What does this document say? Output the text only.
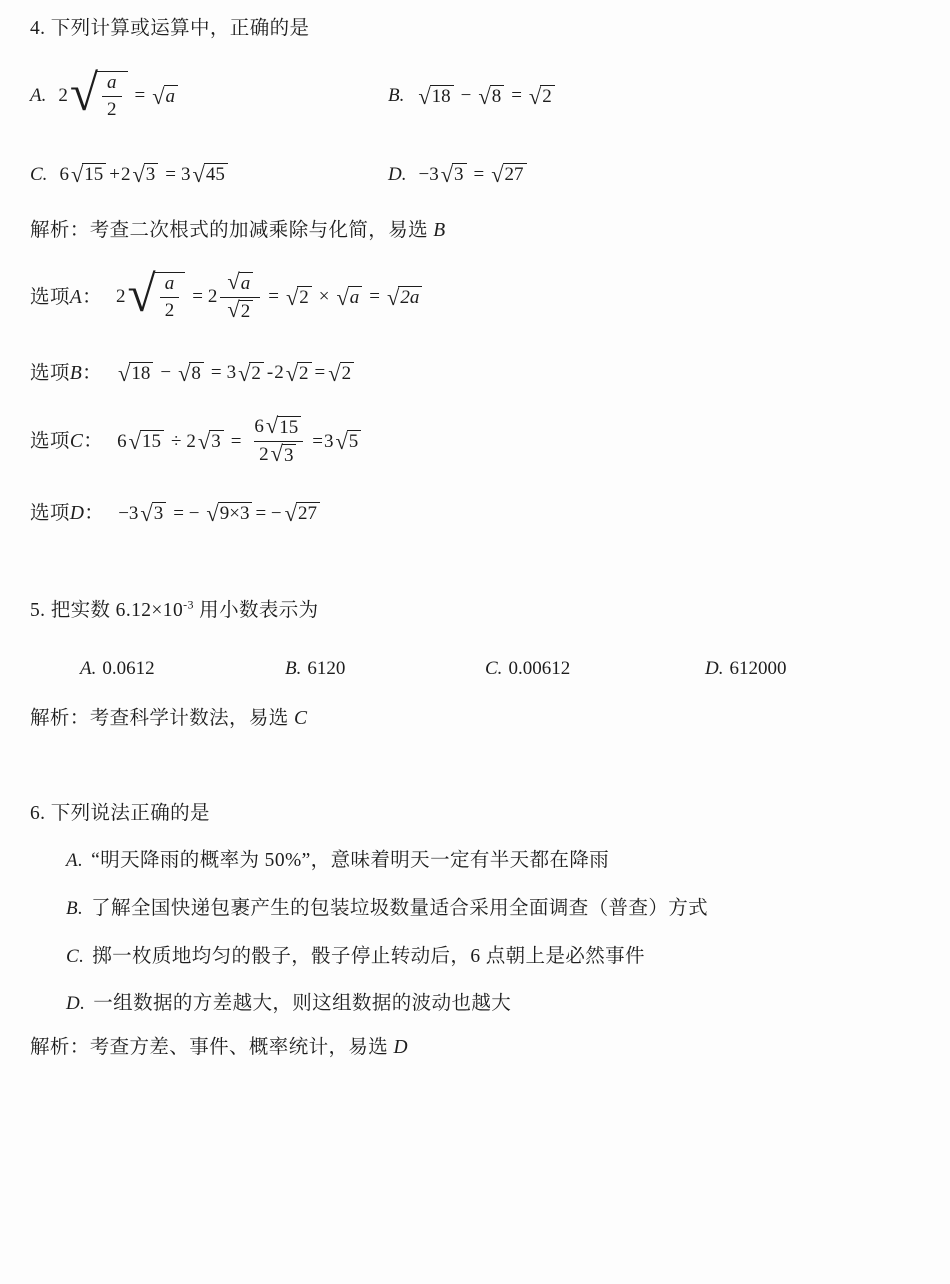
4. 下列计算或运算中，正确的是
A. 2 √ $\frac{a}{2}$ = √ a	B. √ 18 − √ 8 = √ 2
C. 6 √ 15 + 2 √ 3 = 3 √ 45	D. −3 √ 3 = √ 27
解析：考查二次根式的加减乘除与化简，易选 B
选项 A ： 2 √ $\frac{a}{2} = 2 \frac{√ a}{√ 2}$ = √ 2 × √ a = √ 2a
选项 B ： √ 18 − √ 8 = 3 √ 2 - 2 √ 2 = √ 2
选项 C ： 6 √ 15 ÷ 2 √ $3 = \frac{6 √ 15}{2 √ 3} = 3$ √ 5
选项 D ： −3 √ 3 = − √ 9×3 = − √ 27
5. 把实数 $6.12\times 10^{-3}$ 用小数表示为
A. 0.0612	B. 6120	C. 0.00612	D. 612000
解析：考查科学计数法，易选 C
6. 下列说法正确的是
A. “明天降雨的概率为 50%”，意味着明天一定有半天都在降雨
B. 了解全国快递包裹产生的包装垃圾数量适合采用全面调查（普查）方式
C. 掷一枚质地均匀的骰子，骰子停止转动后，6 点朝上是必然事件
D. 一组数据的方差越大，则这组数据的波动也越大
解析：考查方差、事件、概率统计，易选 D
